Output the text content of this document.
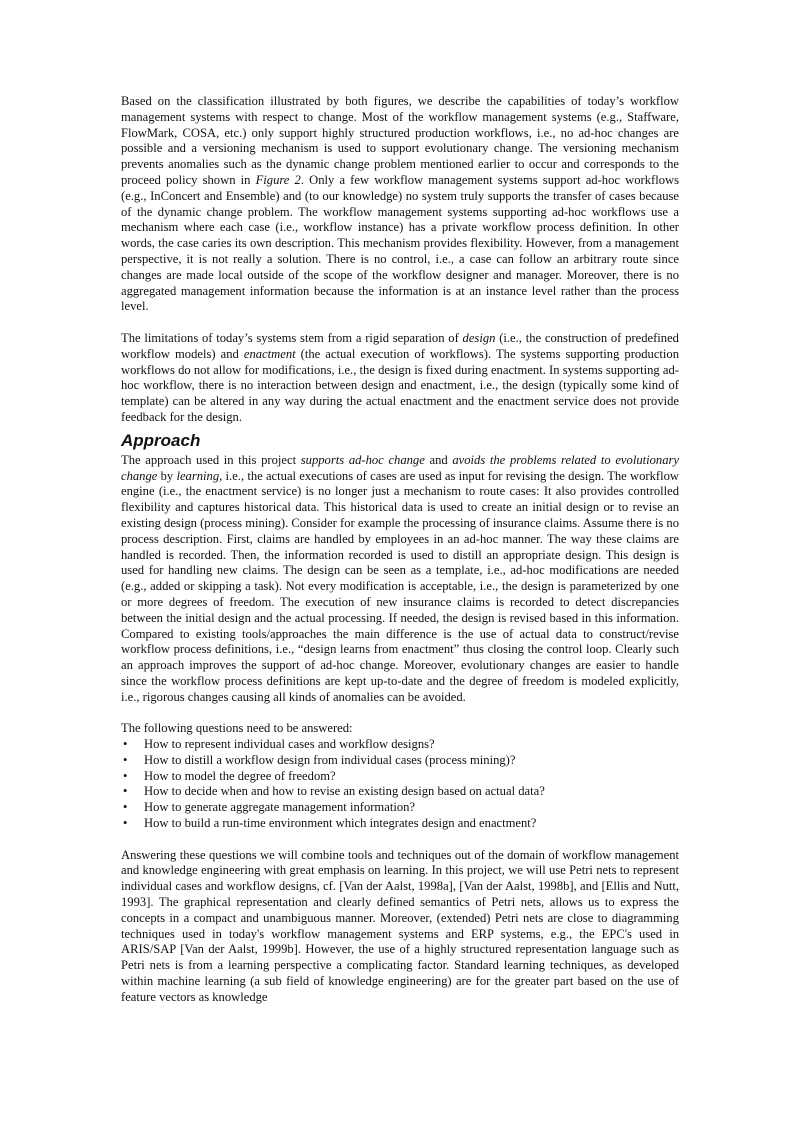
Based on the classification illustrated by both figures, we describe the capabilities of today’s workflow management systems with respect to change. Most of the workflow management systems (e.g., Staffware, FlowMark, COSA, etc.) only support highly structured production workflows, i.e., no ad-hoc changes are possible and a versioning mechanism is used to support evolutionary change. The versioning mechanism prevents anomalies such as the dynamic change problem mentioned earlier to occur and corresponds to the proceed policy shown in Figure 2. Only a few workflow management systems support ad-hoc workflows (e.g., InConcert and Ensemble) and (to our knowledge) no system truly supports the transfer of cases because of the dynamic change problem. The workflow management systems supporting ad-hoc workflows use a mechanism where each case (i.e., workflow instance) has a private workflow process definition. In other words, the case caries its own description. This mechanism provides flexibility. However, from a management perspective, it is not really a solution. There is no control, i.e., a case can follow an arbitrary route since changes are made local outside of the scope of the workflow designer and manager. Moreover, there is no aggregated management information because the information is at an instance level rather than the process level.

The limitations of today’s systems stem from a rigid separation of design (i.e., the construction of predefined workflow models) and enactment (the actual execution of workflows). The systems supporting production workflows do not allow for modifications, i.e., the design is fixed during enactment. In systems supporting ad-hoc workflow, there is no interaction between design and enactment, i.e., the design (typically some kind of template) can be altered in any way during the actual enactment and the enactment service does not provide feedback for the design.

Approach

The approach used in this project supports ad-hoc change and avoids the problems related to evolutionary change by learning, i.e., the actual executions of cases are used as input for revising the design. The workflow engine (i.e., the enactment service) is no longer just a mechanism to route cases: It also provides controlled flexibility and captures historical data. This historical data is used to create an initial design or to revise an existing design (process mining). Consider for example the processing of insurance claims. Assume there is no process description. First, claims are handled by employees in an ad-hoc manner. The way these claims are handled is recorded. Then, the information recorded is used to distill an appropriate design. This design is used for handling new claims. The design can be seen as a template, i.e., ad-hoc modifications are needed (e.g., added or skipping a task). Not every modification is acceptable, i.e., the design is parameterized by one or more degrees of freedom. The execution of new insurance claims is recorded to detect discrepancies between the initial design and the actual processing. If needed, the design is revised based in this information. Compared to existing tools/approaches the main difference is the use of actual data to construct/revise workflow process definitions, i.e., “design learns from enactment” thus closing the control loop. Clearly such an approach improves the support of ad-hoc change. Moreover, evolutionary changes are easier to handle since the workflow process definitions are kept up-to-date and the degree of freedom is modeled explicitly, i.e., rigorous changes causing all kinds of anomalies can be avoided.

The following questions need to be answered:

• How to represent individual cases and workflow designs?
• How to distill a workflow design from individual cases (process mining)?
• How to model the degree of freedom?
• How to decide when and how to revise an existing design based on actual data?
• How to generate aggregate management information?
• How to build a run-time environment which integrates design and enactment?

Answering these questions we will combine tools and techniques out of the domain of workflow management and knowledge engineering with great emphasis on learning. In this project, we will use Petri nets to represent individual cases and workflow designs, cf. [Van der Aalst, 1998a], [Van der Aalst, 1998b], and [Ellis and Nutt, 1993]. The graphical representation and clearly defined semantics of Petri nets, allows us to express the concepts in a compact and unambiguous manner. Moreover, (extended) Petri nets are close to diagramming techniques used in today's workflow management systems and ERP systems, e.g., the EPC's used in ARIS/SAP [Van der Aalst, 1999b]. However, the use of a highly structured representation language such as Petri nets is from a learning perspective a complicating factor. Standard learning techniques, as developed within machine learning (a sub field of knowledge engineering) are for the greater part based on the use of feature vectors as knowledge
